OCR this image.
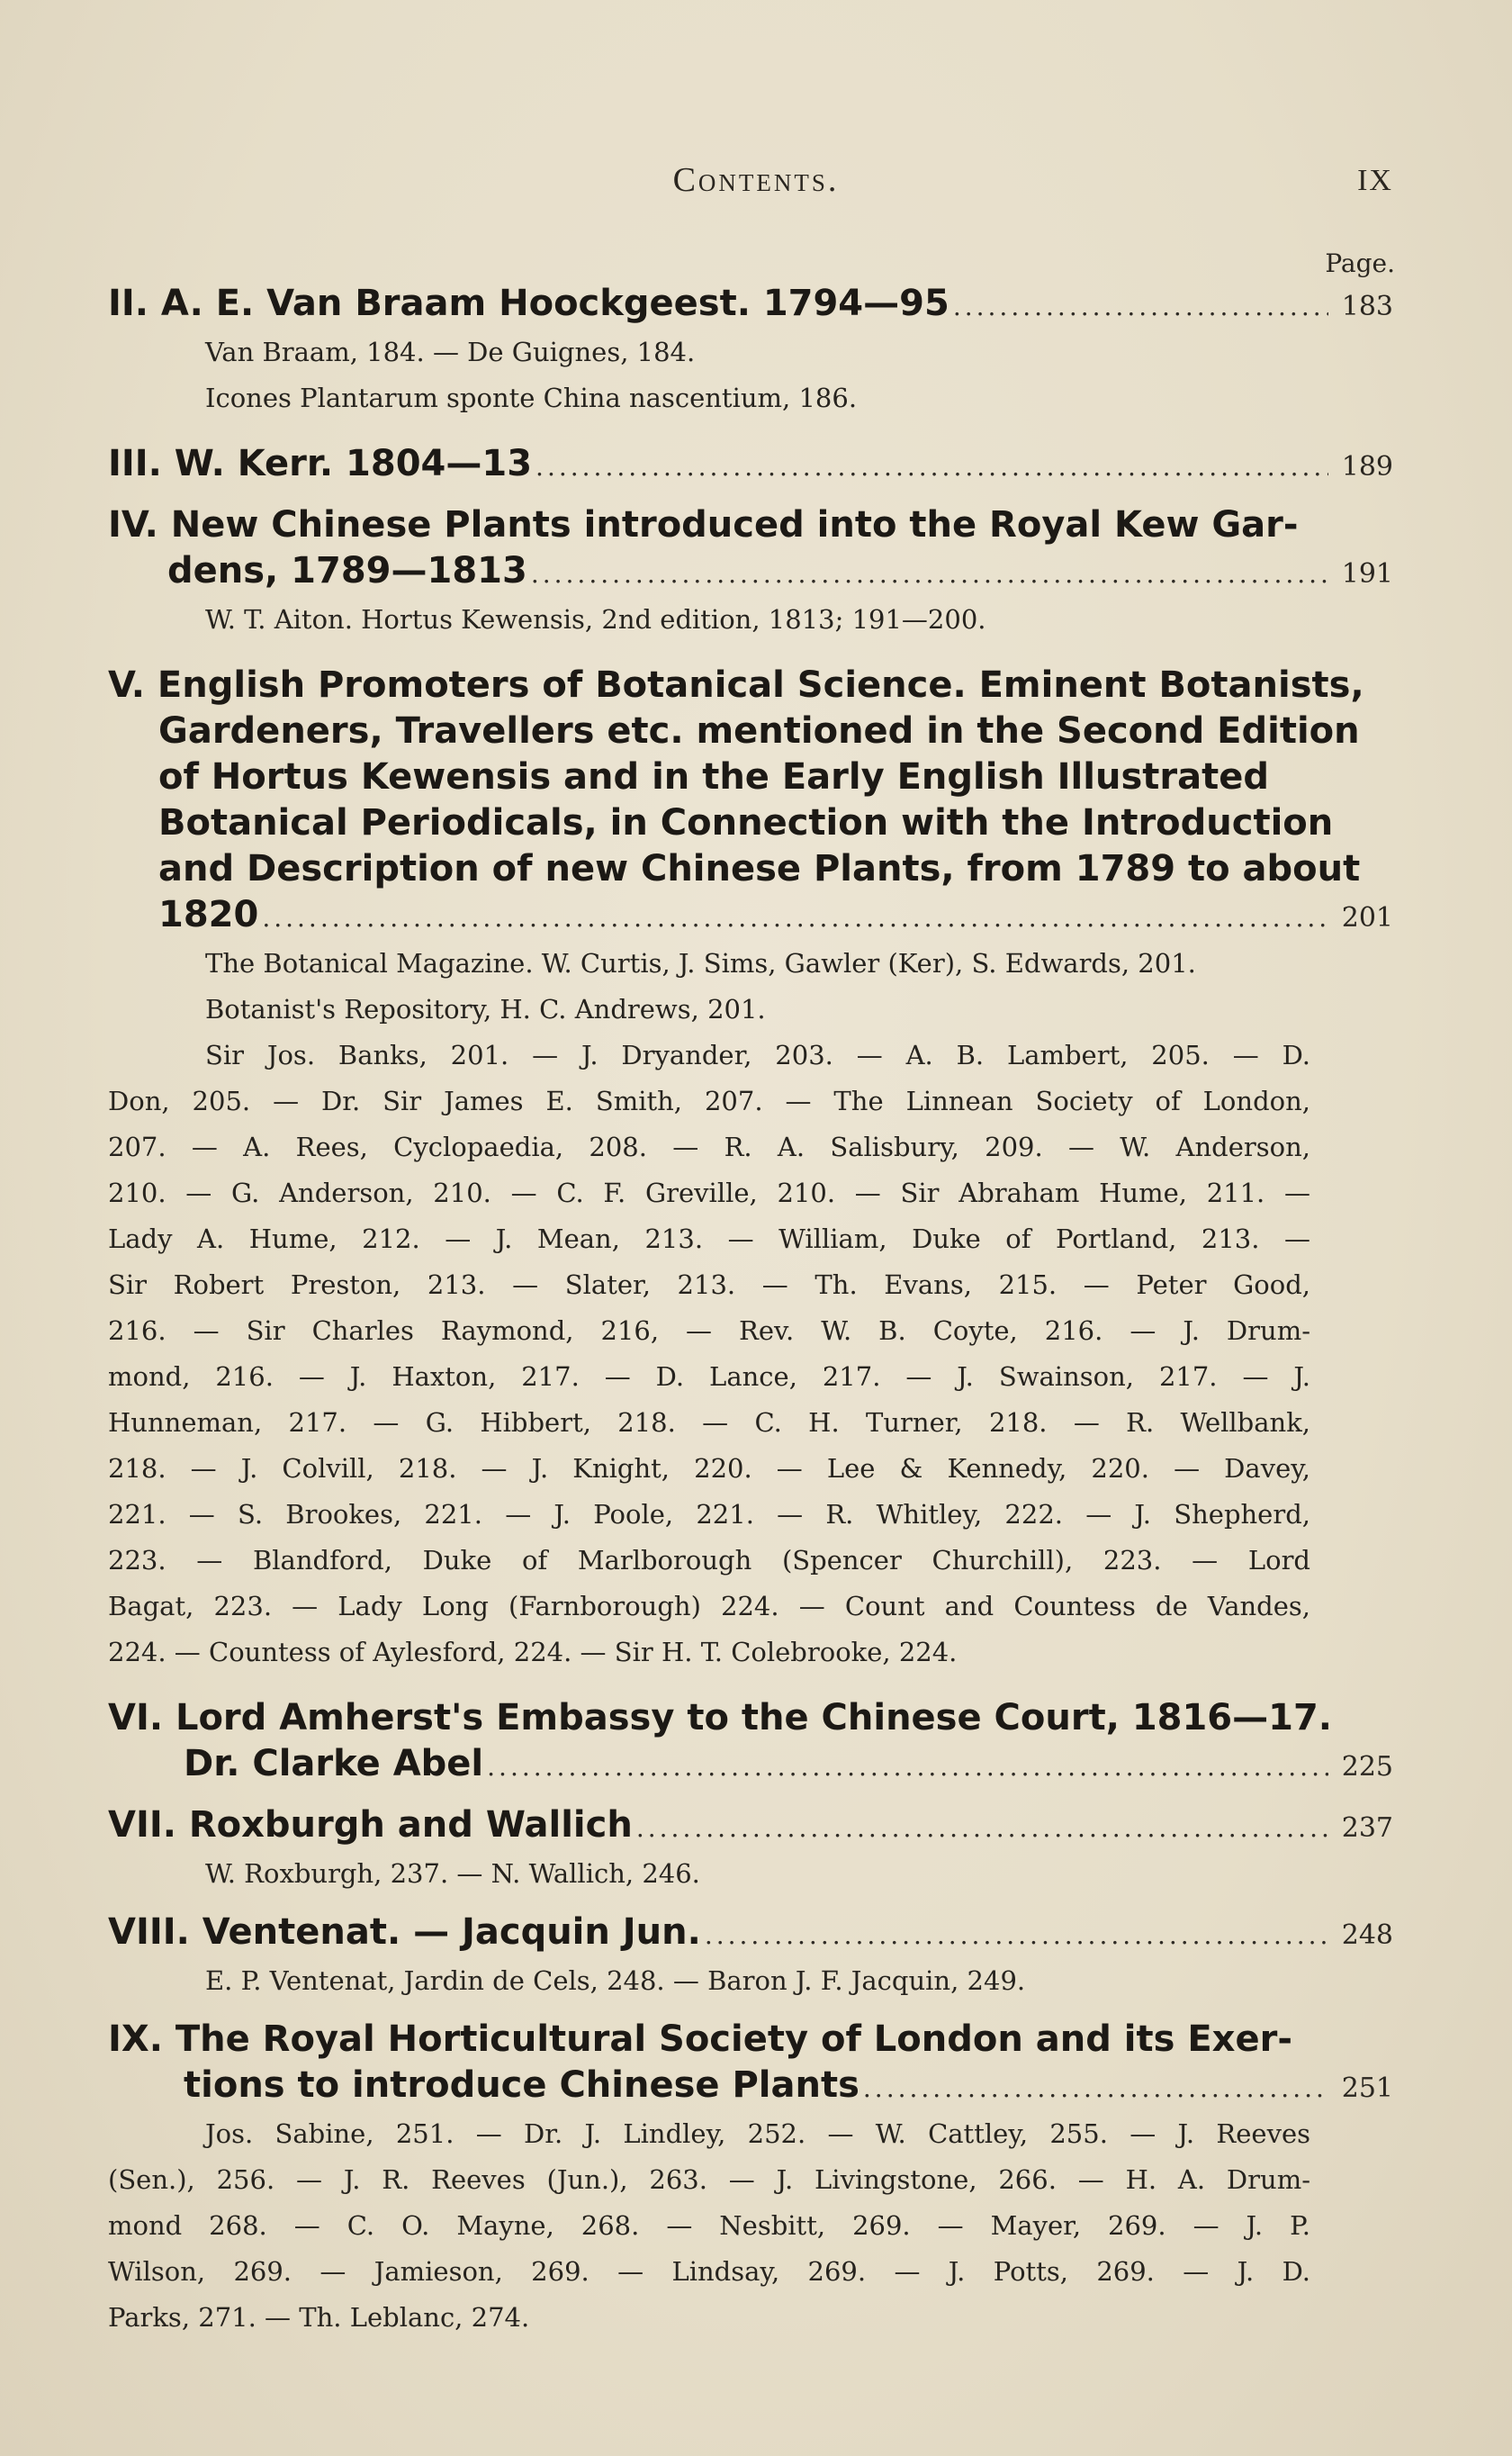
Contents.	IX
Page.
II. A. E. Van Braam Hoockgeest. 1794—95 .....	183
Van Braam, 184. — De Guignes, 184.
Icones Plantarum sponte China nascentium, 186.
III. W. Kerr. 1804—13 .....	189
IV. New Chinese Plants introduced into the Royal Kew Gar-
dens, 1789—1813 .....	191
W. T. Aiton. Hortus Kewensis, 2nd edition, 1813; 191—200.
V. English Promoters of Botanical Science. Eminent Botanists,
Gardeners, Travellers etc. mentioned in the Second Edition
of Hortus Kewensis and in the Early English Illustrated
Botanical Periodicals, in Connection with the Introduction
and Description of new Chinese Plants, from 1789 to about
1820 .....	201
The Botanical Magazine. W. Curtis, J. Sims, Gawler (Ker), S. Edwards, 201.
Botanist's Repository, H. C. Andrews, 201.
Sir Jos. Banks, 201. — J. Dryander, 203. — A. B. Lambert, 205. — D.
Don, 205. — Dr. Sir James E. Smith, 207. — The Linnean Society of London,
207. — A. Rees, Cyclopaedia, 208. — R. A. Salisbury, 209. — W. Anderson,
210. — G. Anderson, 210. — C. F. Greville, 210. — Sir Abraham Hume, 211. —
Lady A. Hume, 212. — J. Mean, 213. — William, Duke of Portland, 213. —
Sir Robert Preston, 213. — Slater, 213. — Th. Evans, 215. — Peter Good,
216. — Sir Charles Raymond, 216, — Rev. W. B. Coyte, 216. — J. Drum-
mond, 216. — J. Haxton, 217. — D. Lance, 217. — J. Swainson, 217. — J.
Hunneman, 217. — G. Hibbert, 218. — C. H. Turner, 218. — R. Wellbank,
218. — J. Colvill, 218. — J. Knight, 220. — Lee & Kennedy, 220. — Davey,
221. — S. Brookes, 221. — J. Poole, 221. — R. Whitley, 222. — J. Shepherd,
223. — Blandford, Duke of Marlborough (Spencer Churchill), 223. — Lord
Bagat, 223. — Lady Long (Farnborough) 224. — Count and Countess de Vandes,
224. — Countess of Aylesford, 224. — Sir H. T. Colebrooke, 224.
VI. Lord Amherst's Embassy to the Chinese Court, 1816—17.
Dr. Clarke Abel .....	225
VII. Roxburgh and Wallich .....	237
W. Roxburgh, 237. — N. Wallich, 246.
VIII. Ventenat. — Jacquin Jun. .....	248
E. P. Ventenat, Jardin de Cels, 248. — Baron J. F. Jacquin, 249.
IX. The Royal Horticultural Society of London and its Exer-
tions to introduce Chinese Plants .....	251
Jos. Sabine, 251. — Dr. J. Lindley, 252. — W. Cattley, 255. — J. Reeves
(Sen.), 256. — J. R. Reeves (Jun.), 263. — J. Livingstone, 266. — H. A. Drum-
mond 268. — C. O. Mayne, 268. — Nesbitt, 269. — Mayer, 269. — J. P.
Wilson, 269. — Jamieson, 269. — Lindsay, 269. — J. Potts, 269. — J. D.
Parks, 271. — Th. Leblanc, 274.
